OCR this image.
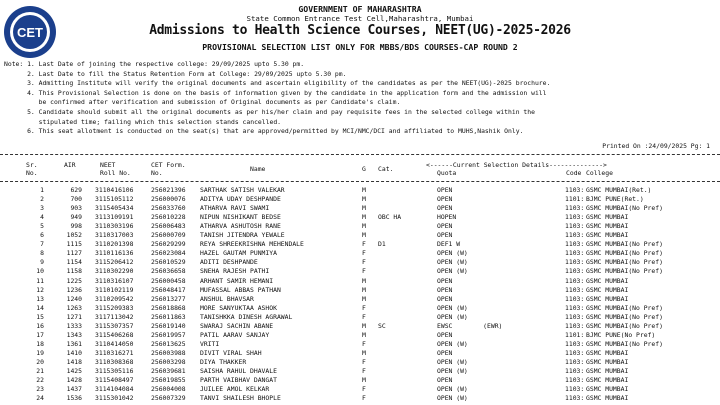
CET
GOVERNMENT OF MAHARASHTRA
State Common Entrance Test Cell,Maharashtra, Mumbai
Admissions to Health Science Courses, NEET(UG)-2025-2026
PROVISIONAL SELECTION LIST ONLY FOR MBBS/BDS COURSES-CAP ROUND 2
Note: 1. Last Date of joining the respective college: 29/09/2025 upto 5.30 pm.
2. Last Date to fill the Status Retention Form at College: 29/09/2025 upto 5.30 pm.
3. Admitting Institute will verify the original documents and ascertain eligibility of the candidates as per the NEET(UG)-2025 brochure.
4. This Provisional Selection is done on the basis of information given by the candidate in the application form and the admission will
be confirmed after verification and submission of Original documents as per Candidate's claim.
5. Candidate should submit all the original documents as per his/her claim and pay requisite fees in the selected college within the
stipulated time; failing which this selection stands cancelled.
6. This seat allotment is conducted on the seat(s) that are approved/permitted by MCI/NMC/DCI and affiliated to MUHS,Nashik Only.
Printed On :24/09/2025 Pg: 1
Sr.
No.
AIR	NEET
Roll No.
CET Form.
No.	Name	G Cat.	<------Current Selection Details-------------->
Quota	Code College
1	629 3110416106	256021396 SARTHAK SATISH VALEKAR	M	OPEN	1103: GSMC MUMBAI(Ret.)
2	700 3115105112	256000076 ADITYA UDAY DESHPANDE	M	OPEN	1101: BJMC PUNE(Ret.)
3	903 3115405434	256033760 ATHARVA RAVI SWAMI	M	OPEN	1103: GSMC MUMBAI(No Pref)
4	949 3113109191	256010228 NIPUN NISHIKANT BEDSE	M OBC HA	HOPEN	1103: GSMC MUMBAI
5	998 3110303196	256006483 ATHARVA ASHUTOSH RANE	M	OPEN	1103: GSMC MUMBAI
6	1052 3110317003	256000709 TANISH JITENDRA YEWALE	M	OPEN	1103: GSMC MUMBAI
7	1115 3110201398	256029299 REYA SHREEKRISHNA MEHENDALE	F D1	DEF1 W	1103: GSMC MUMBAI(No Pref)
8	1127 3110116136	256023084 HAZEL GAUTAM PUNMIYA	F	OPEN (W)	1103: GSMC MUMBAI(No Pref)
9	1154 3115206412	256010529 ADITI DESHPANDE	F	OPEN (W)	1103: GSMC MUMBAI(No Pref)
10	1158 3110302290	256036658 SNEHA RAJESH PATHI	F	OPEN (W)	1103: GSMC MUMBAI(No Pref)
11	1225 3110316107	256000458 ARHANT SAMIR HEMANI	M	OPEN	1103: GSMC MUMBAI
12	1236 3110102119	256048417 MUFASSAL ABBAS PATHAN	M	OPEN	1103: GSMC MUMBAI
13	1240 3110209542	256013277 ANSHUL BHAVSAR	M	OPEN	1103: GSMC MUMBAI
14	1263 3115209383	256018868 MORE SANYUKTAA ASHOK	F	OPEN (W)	1103: GSMC MUMBAI(No Pref)
15	1271 3117113042	256011863 TANISHKKA DINESH AGRAWAL	F	OPEN (W)	1103: GSMC MUMBAI(No Pref)
16	1333 3115307357	256019140 SWARAJ SACHIN ABANE	M SC	EWSC        (EWR)	1103: GSMC MUMBAI(No Pref)
17	1343 3115406268	256019957 PATIL AARAV SANJAY	M	OPEN	1101: BJMC PUNE(No Pref)
18	1361 3110414050	256013625 VRITI	F	OPEN (W)	1103: GSMC MUMBAI(No Pref)
19	1410 3110316271	256003988 DIVIT VIRAL SHAH	M	OPEN	1103: GSMC MUMBAI
20	1418 3110308368	256003298 DIYA THAKKER	F	OPEN (W)	1103: GSMC MUMBAI
21	1425 3115305116	256039681 SAISHA RAHUL DHAVALE	F	OPEN (W)	1103: GSMC MUMBAI
22	1428 3115408497	256019855 PARTH VAIBHAV DANGAT	M	OPEN	1103: GSMC MUMBAI
23	1437 3114104084	256004008 JUILEE AMOL KELKAR	F	OPEN (W)	1103: GSMC MUMBAI
24	1536 3115301042	256007329 TANVI SHAILESH BHOPLE	F	OPEN (W)	1103: GSMC MUMBAI
